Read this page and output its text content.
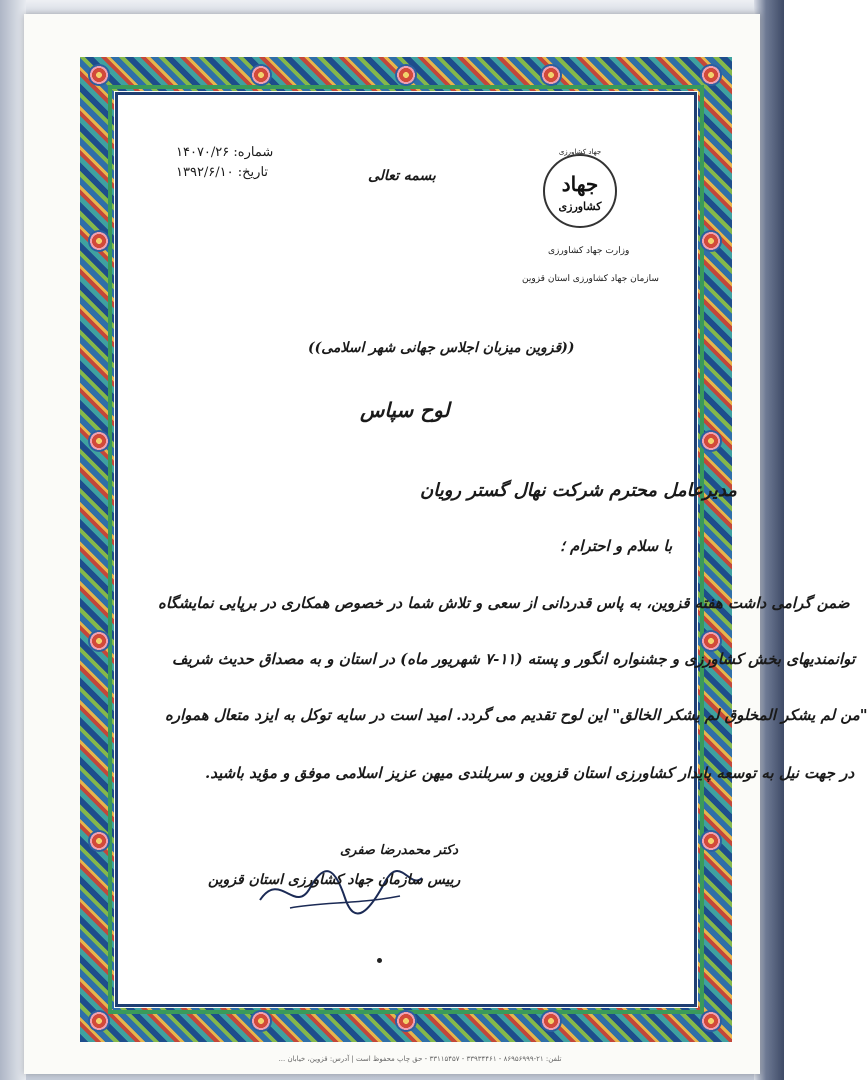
شماره: ۱۴۰۷۰/۲۶
تاریخ: ۱۳۹۲/۶/۱۰	بسمه تعالی
جهاد کشاورزی
جهاد
کشاورزی
وزارت جهاد کشاورزی
سازمان جهاد کشاورزی استان قزوین
((قزوین میزبان اجلاس جهانی شهر اسلامی))
لوح سپاس
مدیرعامل محترم شرکت نهال گستر رویان
با سلام و احترام ؛
ضمن گرامی داشت هفته قزوین، به پاس قدردانی از سعی و تلاش شما در خصوص همکاری در برپایی نمایشگاه
توانمندیهای بخش کشاورزی و جشنواره انگور و پسته (۱۱-۷ شهریور ماه) در استان و به مصداق حدیث شریف
"من لم یشکر المخلوق لم یشکر الخالق" این لوح تقدیم می گردد. امید است در سایه توکل به ایزد متعال همواره
در جهت نیل به توسعه پایدار کشاورزی استان قزوین و سربلندی میهن عزیز اسلامی موفق و مؤید باشید.
دکتر محمدرضا صفری
رییس سازمان جهاد کشاورزی استان قزوین
تلفن: ۲۱-۸۶۹۵۶۹۹۹ - ۳۳۹۳۴۴۶۱ - ۳۳۱۱۵۴۵۷ - حق چاپ محفوظ است | آدرس: قزوین، خیابان ...
